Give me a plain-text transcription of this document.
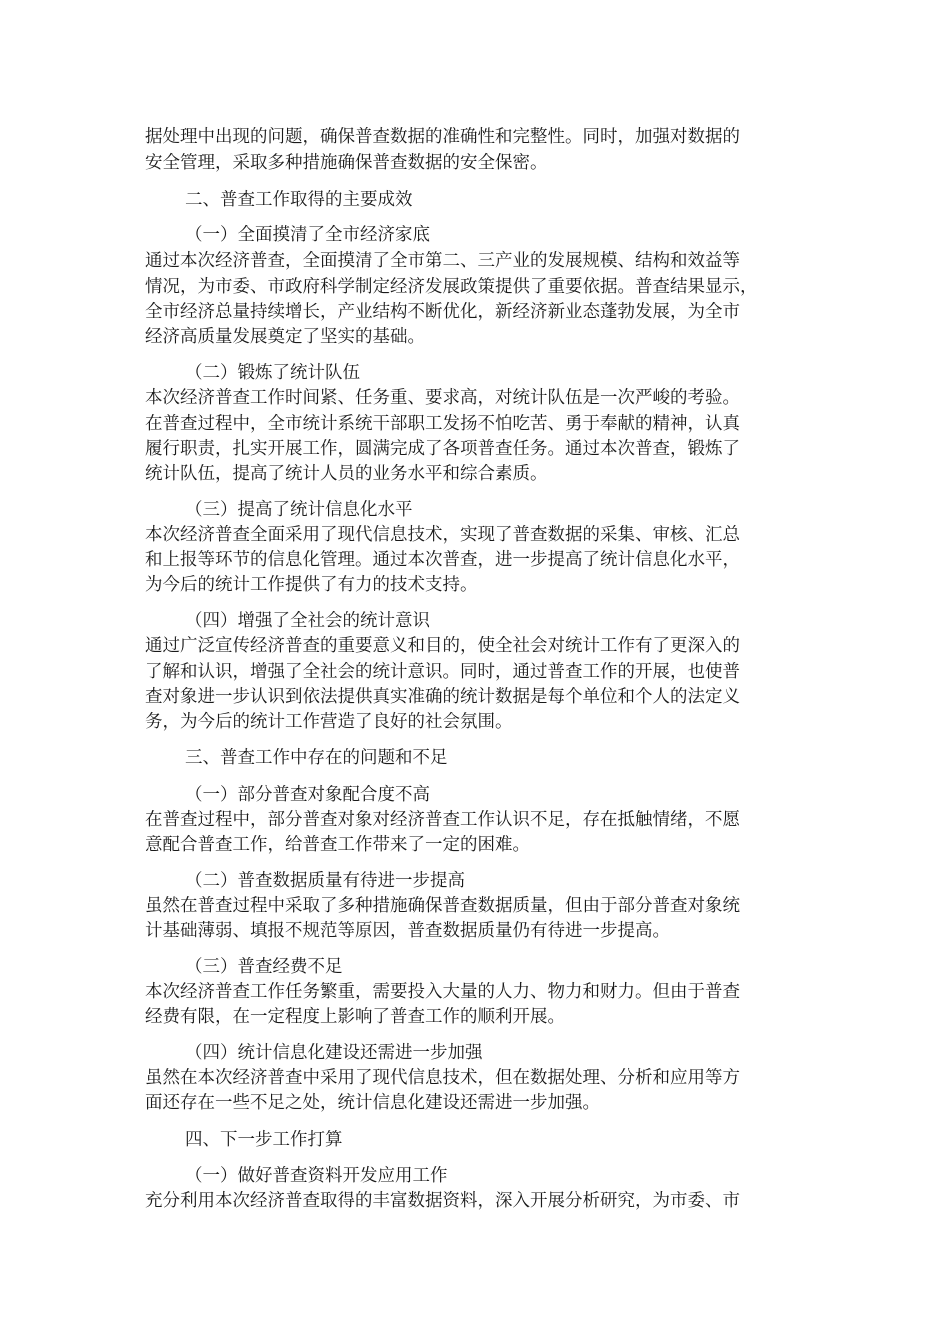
据处理中出现的问题，确保普查数据的准确性和完整性。同时，加强对数据的
安全管理，采取多种措施确保普查数据的安全保密。
二、普查工作取得的主要成效
（一）全面摸清了全市经济家底
通过本次经济普查，全面摸清了全市第二、三产业的发展规模、结构和效益等
情况，为市委、市政府科学制定经济发展政策提供了重要依据。普查结果显示，
全市经济总量持续增长，产业结构不断优化，新经济新业态蓬勃发展，为全市
经济高质量发展奠定了坚实的基础。
（二）锻炼了统计队伍
本次经济普查工作时间紧、任务重、要求高，对统计队伍是一次严峻的考验。
在普查过程中，全市统计系统干部职工发扬不怕吃苦、勇于奉献的精神，认真
履行职责，扎实开展工作，圆满完成了各项普查任务。通过本次普查，锻炼了
统计队伍，提高了统计人员的业务水平和综合素质。
（三）提高了统计信息化水平
本次经济普查全面采用了现代信息技术，实现了普查数据的采集、审核、汇总
和上报等环节的信息化管理。通过本次普查，进一步提高了统计信息化水平，
为今后的统计工作提供了有力的技术支持。
（四）增强了全社会的统计意识
通过广泛宣传经济普查的重要意义和目的，使全社会对统计工作有了更深入的
了解和认识，增强了全社会的统计意识。同时，通过普查工作的开展，也使普
查对象进一步认识到依法提供真实准确的统计数据是每个单位和个人的法定义
务，为今后的统计工作营造了良好的社会氛围。
三、普查工作中存在的问题和不足
（一）部分普查对象配合度不高
在普查过程中，部分普查对象对经济普查工作认识不足，存在抵触情绪，不愿
意配合普查工作，给普查工作带来了一定的困难。
（二）普查数据质量有待进一步提高
虽然在普查过程中采取了多种措施确保普查数据质量，但由于部分普查对象统
计基础薄弱、填报不规范等原因，普查数据质量仍有待进一步提高。
（三）普查经费不足
本次经济普查工作任务繁重，需要投入大量的人力、物力和财力。但由于普查
经费有限，在一定程度上影响了普查工作的顺利开展。
（四）统计信息化建设还需进一步加强
虽然在本次经济普查中采用了现代信息技术，但在数据处理、分析和应用等方
面还存在一些不足之处，统计信息化建设还需进一步加强。
四、下一步工作打算
（一）做好普查资料开发应用工作
充分利用本次经济普查取得的丰富数据资料，深入开展分析研究，为市委、市
